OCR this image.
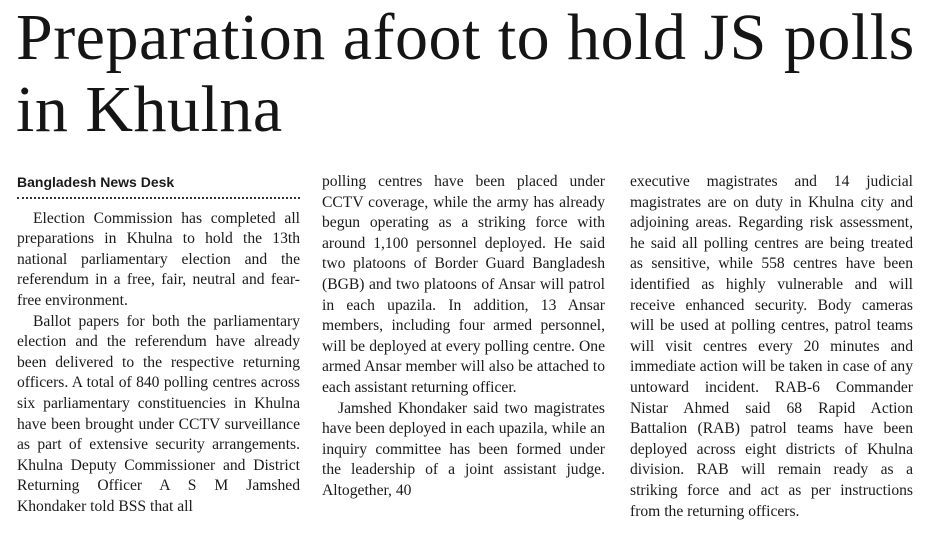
Preparation afoot to hold JS polls in Khulna
Bangladesh News Desk

Election Commission has completed all preparations in Khulna to hold the 13th national parliamentary election and the referendum in a free, fair, neutral and fear-free environment.

Ballot papers for both the parliamentary election and the referendum have already been delivered to the respective returning officers. A total of 840 polling centres across six parliamentary constituencies in Khulna have been brought under CCTV surveillance as part of extensive security arrangements. Khulna Deputy Commissioner and District Returning Officer A S M Jamshed Khondaker told BSS that all

polling centres have been placed under CCTV coverage, while the army has already begun operating as a striking force with around 1,100 personnel deployed. He said two platoons of Border Guard Bangladesh (BGB) and two platoons of Ansar will patrol in each upazila. In addition, 13 Ansar members, including four armed personnel, will be deployed at every polling centre. One armed Ansar member will also be attached to each assistant returning officer.

Jamshed Khondaker said two magistrates have been deployed in each upazila, while an inquiry committee has been formed under the leadership of a joint assistant judge. Altogether, 40

executive magistrates and 14 judicial magistrates are on duty in Khulna city and adjoining areas. Regarding risk assessment, he said all polling centres are being treated as sensitive, while 558 centres have been identified as highly vulnerable and will receive enhanced security. Body cameras will be used at polling centres, patrol teams will visit centres every 20 minutes and immediate action will be taken in case of any untoward incident. RAB-6 Commander Nistar Ahmed said 68 Rapid Action Battalion (RAB) patrol teams have been deployed across eight districts of Khulna division. RAB will remain ready as a striking force and act as per instructions from the returning officers.
